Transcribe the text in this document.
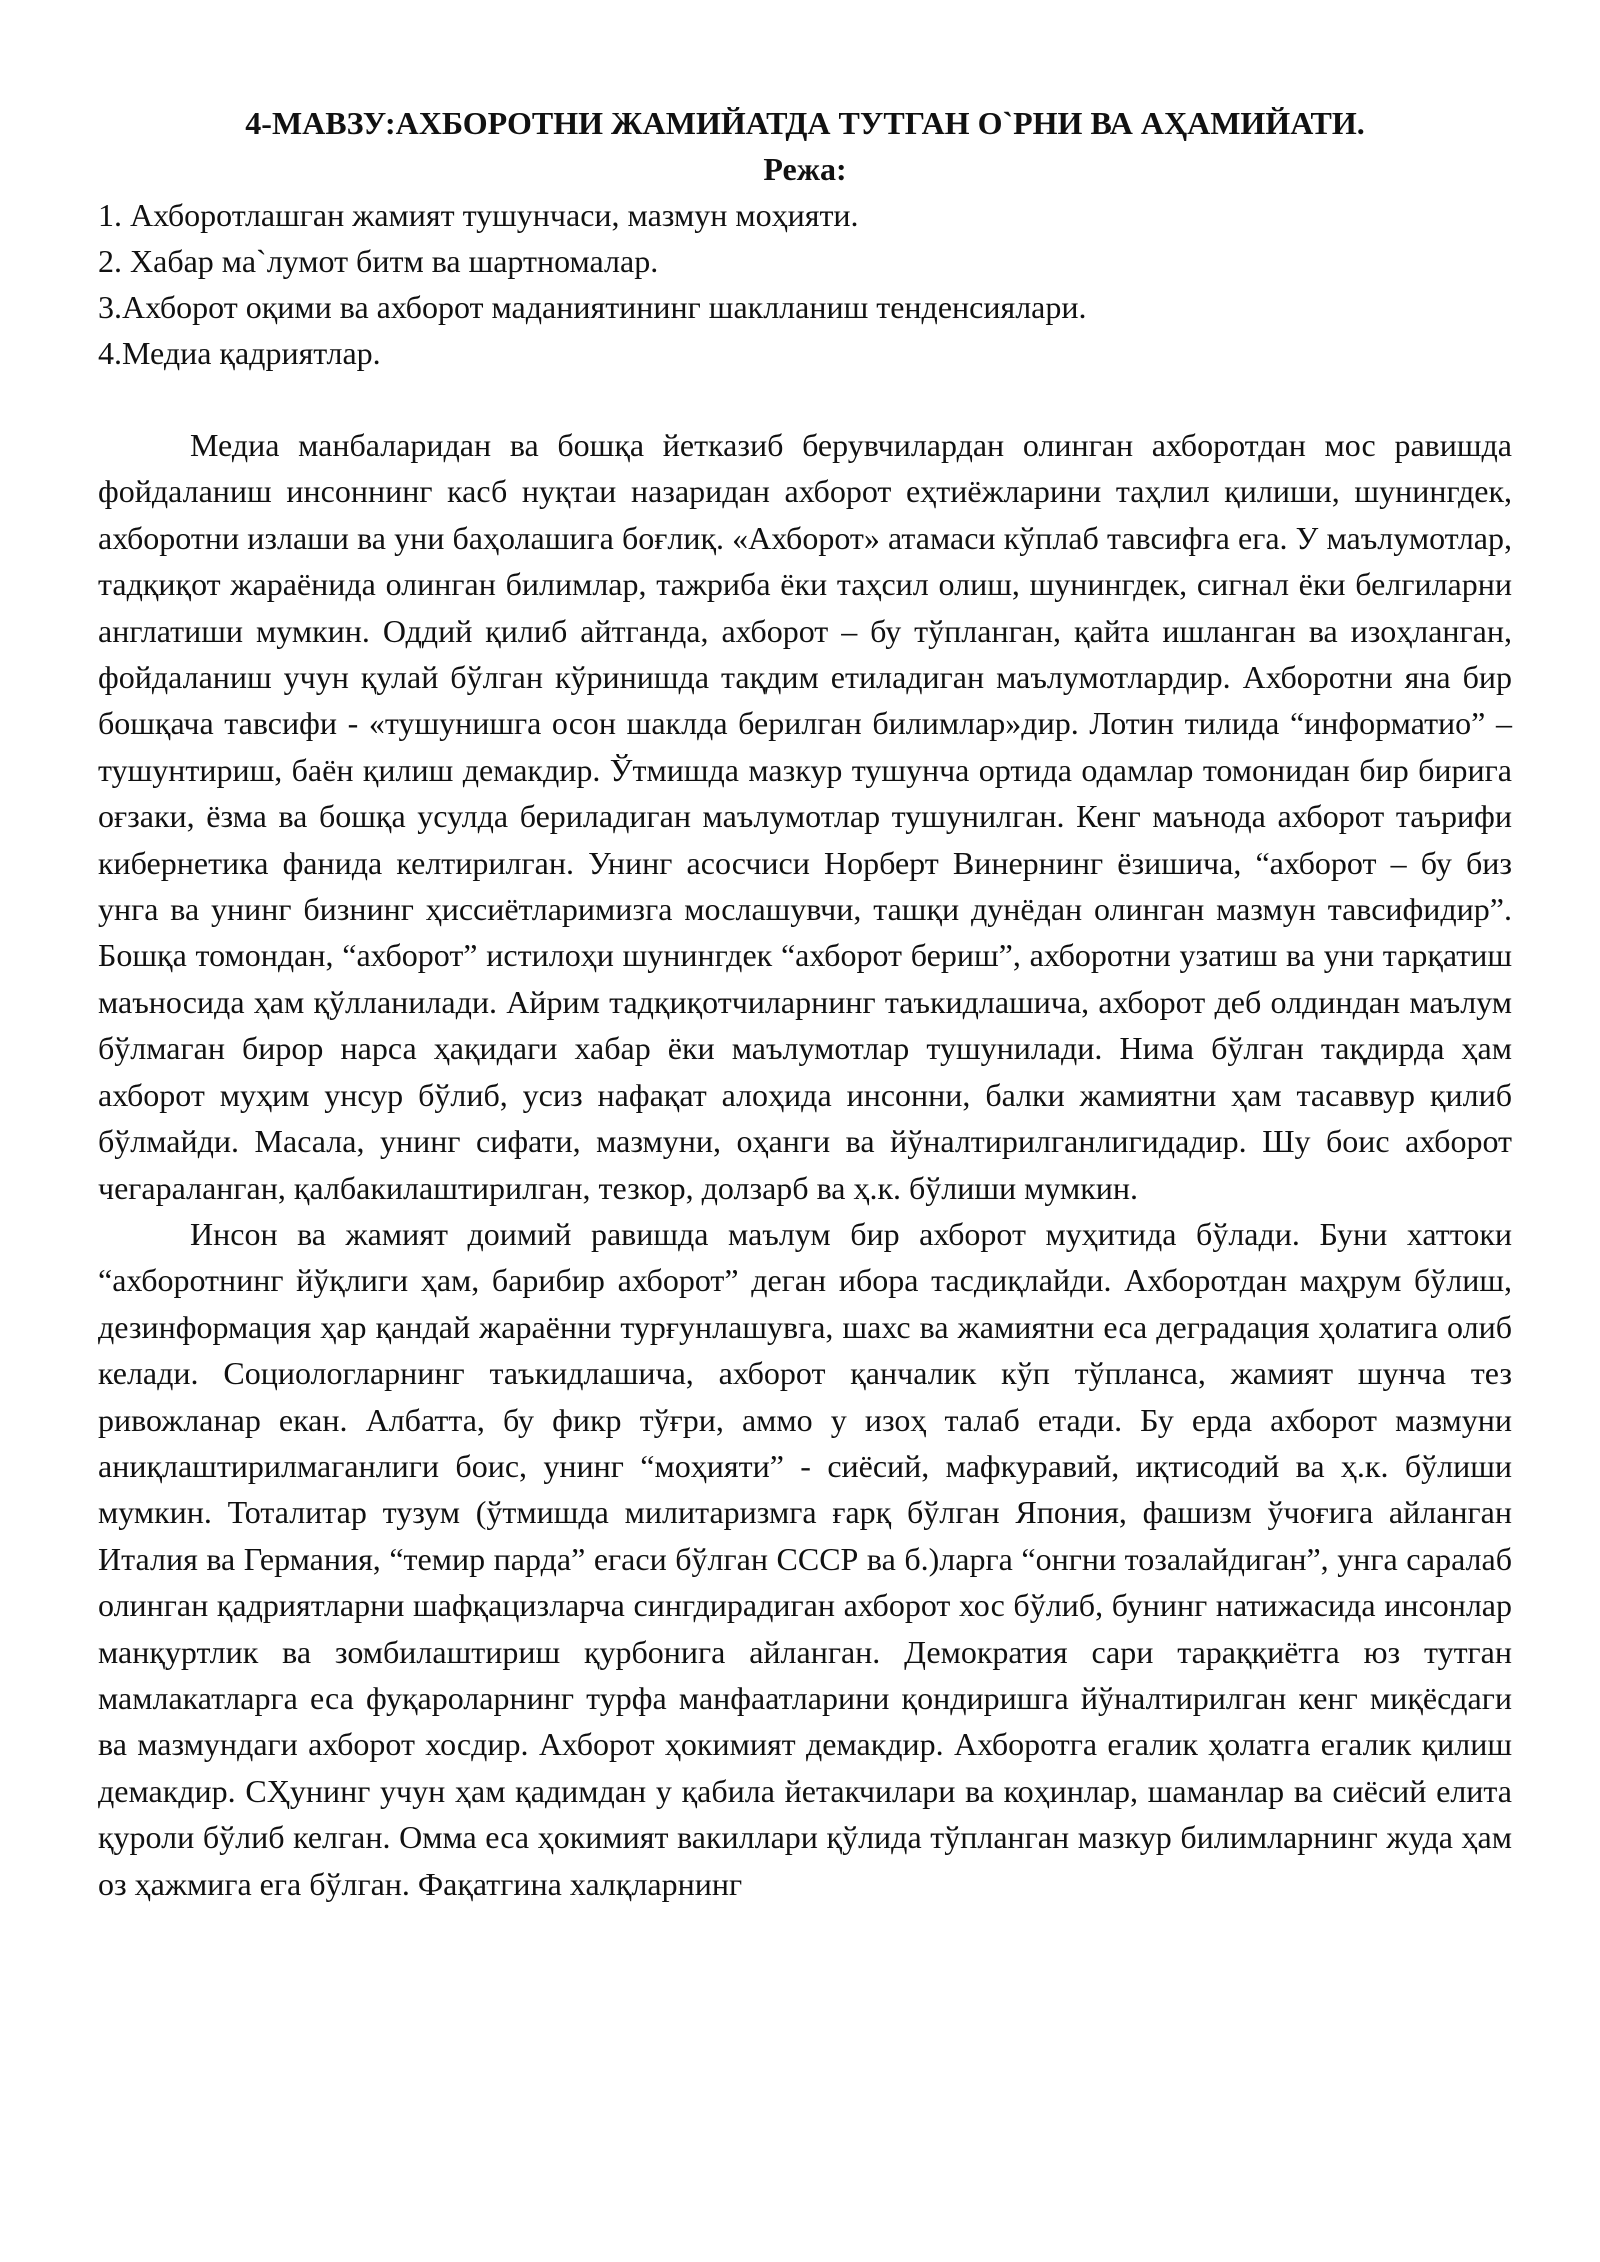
4-МАВЗУ:АХБОРОТНИ ЖАМИЙАТДА ТУТГАН О`РНИ ВА АҲАМИЙАТИ.
Режа:
1. Ахборотлашган жамият тушунчаси, мазмун моҳияти.
2. Хабар ма`лумот битм ва шартномалар.
3.Ахборот оқими ва ахборот маданиятининг шаклланиш тенденсиялари.
4.Медиа қадриятлар.

Медиа манбаларидан ва бошқа йетказиб берувчилардан олинган ахборотдан мос равишда фойдаланиш инсоннинг касб нуқтаи назаридан ахборот еҳтиёжларини таҳлил қилиши, шунингдек, ахборотни излаши ва уни баҳолашига боғлиқ. «Ахборот» атамаси кўплаб тавсифга ега. У маълумотлар, тадқиқот жараёнида олинган билимлар, тажриба ёки таҳсил олиш, шунингдек, сигнал ёки белгиларни англатиши мумкин. Оддий қилиб айтганда, ахборот – бу тўпланган, қайта ишланган ва изоҳланган, фойдаланиш учун қулай бўлган кўринишда тақдим етиладиган маълумотлардир. Ахборотни яна бир бошқача тавсифи - «тушунишга осон шаклда берилган билимлар»дир. Лотин тилида “информатио” – тушунтириш, баён қилиш демакдир. Ўтмишда мазкур тушунча ортида одамлар томонидан бир бирига оғзаки, ёзма ва бошқа усулда бериладиган маълумотлар тушунилган. Кенг маънода ахборот таърифи кибернетика фанида келтирилган. Унинг асосчиси Норберт Винернинг ёзишича, “ахборот – бу биз унга ва унинг бизнинг ҳиссиётларимизга мослашувчи, ташқи дунёдан олинган мазмун тавсифидир”. Бошқа томондан, “ахборот” истилоҳи шунингдек “ахборот бериш”, ахборотни узатиш ва уни тарқатиш маъносида ҳам қўлланилади. Айрим тадқиқотчиларнинг таъкидлашича, ахборот деб олдиндан маълум бўлмаган бирор нарса ҳақидаги хабар ёки маълумотлар тушунилади. Нима бўлган тақдирда ҳам ахборот муҳим унсур бўлиб, усиз нафақат алоҳида инсонни, балки жамиятни ҳам тасаввур қилиб бўлмайди. Масала, унинг сифати, мазмуни, оҳанги ва йўналтирилганлигидадир. Шу боис ахборот чегараланган, қалбакилаштирилган, тезкор, долзарб ва ҳ.к. бўлиши мумкин.

Инсон ва жамият доимий равишда маълум бир ахборот муҳитида бўлади. Буни хаттоки “ахборотнинг йўқлиги ҳам, барибир ахборот” деган ибора тасдиқлайди. Ахборотдан маҳрум бўлиш, дезинформация ҳар қандай жараённи турғунлашувга, шахс ва жамиятни еса деградация ҳолатига олиб келади. Социологларнинг таъкидлашича, ахборот қанчалик кўп тўпланса, жамият шунча тез ривожланар екан. Албатта, бу фикр тўғри, аммо у изоҳ талаб етади. Бу ерда ахборот мазмуни аниқлаштирилмаганлиги боис, унинг “моҳияти” - сиёсий, мафкуравий, иқтисодий ва ҳ.к. бўлиши мумкин. Тоталитар тузум (ўтмишда милитаризмга ғарқ бўлган Япония, фашизм ўчоғига айланган Италия ва Германия, “темир парда” егаси бўлган СССР ва б.)ларга “онгни тозалайдиган”, унга саралаб олинган қадриятларни шафқацизларча сингдирадиган ахборот хос бўлиб, бунинг натижасида инсонлар манқуртлик ва зомбилаштириш қурбонига айланган. Демократия сари тараққиётга юз тутган мамлакатларга еса фуқароларнинг турфа манфаатларини қондиришга йўналтирилган кенг миқёсдаги ва мазмундаги ахборот хосдир. Ахборот ҳокимият демакдир. Ахборотга егалик ҳолатга егалик қилиш демакдир. СҲунинг учун ҳам қадимдан у қабила йетакчилари ва коҳинлар, шаманлар ва сиёсий елита қуроли бўлиб келган. Омма еса ҳокимият вакиллари қўлида тўпланган мазкур билимларнинг жуда ҳам оз ҳажмига ега бўлган. Фақатгина халқларнинг
